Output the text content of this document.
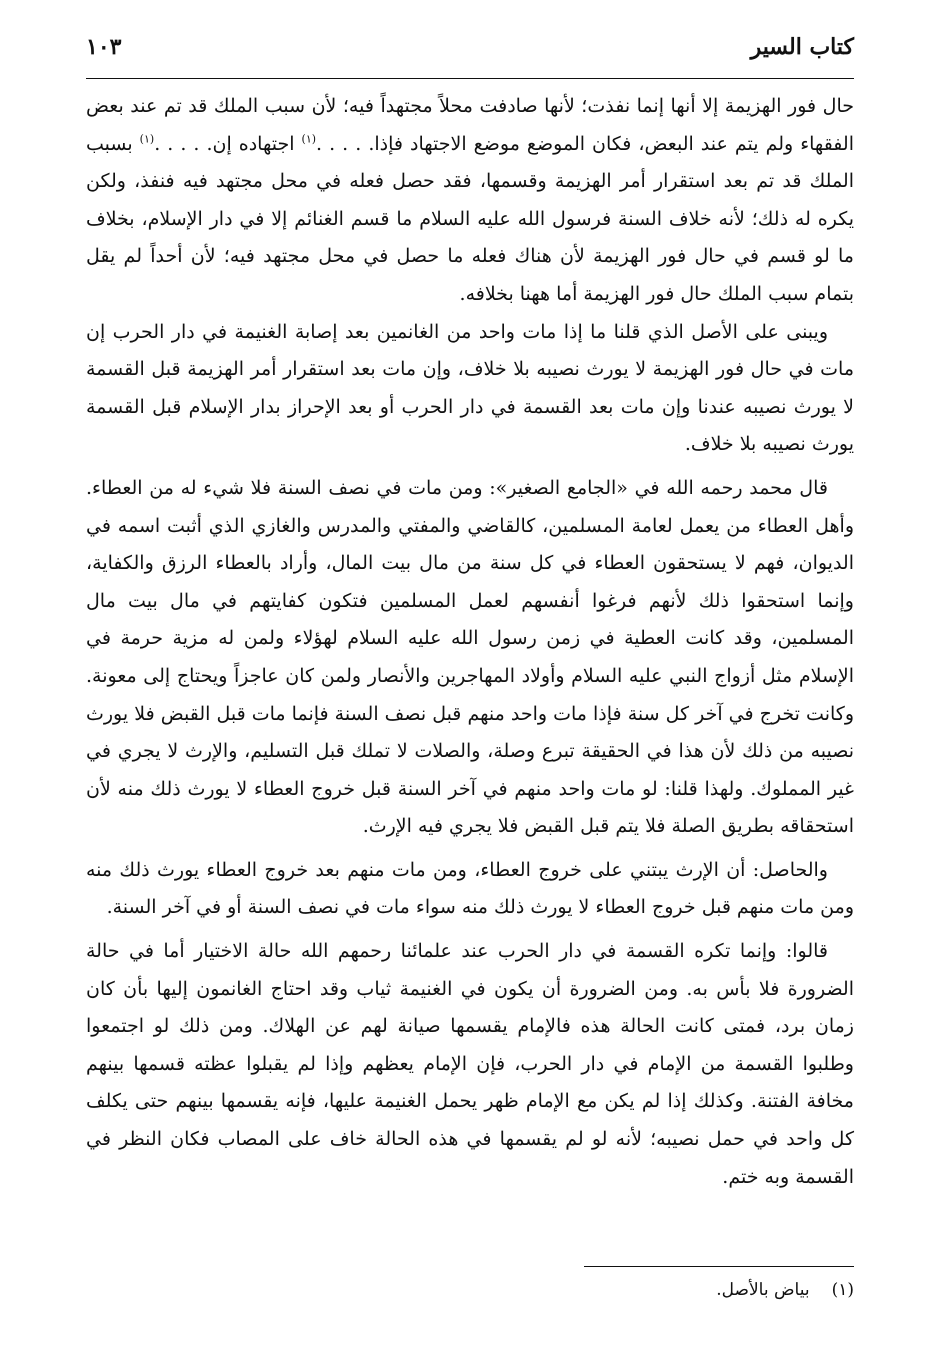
١٠٣	كتاب السير

حال فور الهزيمة إلا أنها إنما نفذت؛ لأنها صادفت محلاً مجتهداً فيه؛ لأن سبب الملك قد تم عند بعض الفقهاء ولم يتم عند البعض، فكان الموضع موضع الاجتهاد فإذا. . . . .$^{(١)}$ اجتهاده إن. . . . .$^{(١)}$ بسبب الملك قد تم بعد استقرار أمر الهزيمة وقسمها، فقد حصل فعله في محل مجتهد فيه فنفذ، ولكن يكره له ذلك؛ لأنه خلاف السنة فرسول الله عليه السلام ما قسم الغنائم إلا في دار الإسلام، بخلاف ما لو قسم في حال فور الهزيمة لأن هناك فعله ما حصل في محل مجتهد فيه؛ لأن أحداً لم يقل بتمام سبب الملك حال فور الهزيمة أما ههنا بخلافه.

ويبنى على الأصل الذي قلنا ما إذا مات واحد من الغانمين بعد إصابة الغنيمة في دار الحرب إن مات في حال فور الهزيمة لا يورث نصيبه بلا خلاف، وإن مات بعد استقرار أمر الهزيمة قبل القسمة لا يورث نصيبه عندنا وإن مات بعد القسمة في دار الحرب أو بعد الإحراز بدار الإسلام قبل القسمة يورث نصيبه بلا خلاف.

قال محمد رحمه الله في «الجامع الصغير»: ومن مات في نصف السنة فلا شيء له من العطاء. وأهل العطاء من يعمل لعامة المسلمين، كالقاضي والمفتي والمدرس والغازي الذي أثبت اسمه في الديوان، فهم لا يستحقون العطاء في كل سنة من مال بيت المال، وأراد بالعطاء الرزق والكفاية، وإنما استحقوا ذلك لأنهم فرغوا أنفسهم لعمل المسلمين فتكون كفايتهم في مال بيت مال المسلمين، وقد كانت العطية في زمن رسول الله عليه السلام لهؤلاء ولمن له مزية حرمة في الإسلام مثل أزواج النبي عليه السلام وأولاد المهاجرين والأنصار ولمن كان عاجزاً ويحتاج إلى معونة. وكانت تخرج في آخر كل سنة فإذا مات واحد منهم قبل نصف السنة فإنما مات قبل القبض فلا يورث نصيبه من ذلك لأن هذا في الحقيقة تبرع وصلة، والصلات لا تملك قبل التسليم، والإرث لا يجري في غير المملوك. ولهذا قلنا: لو مات واحد منهم في آخر السنة قبل خروج العطاء لا يورث ذلك منه لأن استحقاقه بطريق الصلة فلا يتم قبل القبض فلا يجري فيه الإرث.

والحاصل: أن الإرث يبتني على خروج العطاء، ومن مات منهم بعد خروج العطاء يورث ذلك منه ومن مات منهم قبل خروج العطاء لا يورث ذلك منه سواء مات في نصف السنة أو في آخر السنة.

قالوا: وإنما تكره القسمة في دار الحرب عند علمائنا رحمهم الله حالة الاختيار أما في حالة الضرورة فلا بأس به. ومن الضرورة أن يكون في الغنيمة ثياب وقد احتاج الغانمون إليها بأن كان زمان برد، فمتى كانت الحالة هذه فالإمام يقسمها صيانة لهم عن الهلاك. ومن ذلك لو اجتمعوا وطلبوا القسمة من الإمام في دار الحرب، فإن الإمام يعظهم وإذا لم يقبلوا عظته قسمها بينهم مخافة الفتنة. وكذلك إذا لم يكن مع الإمام ظهر يحمل الغنيمة عليها، فإنه يقسمها بينهم حتى يكلف كل واحد في حمل نصيبه؛ لأنه لو لم يقسمها في هذه الحالة خاف على المصاب فكان النظر في القسمة وبه ختم.

(١)بياض بالأصل.
